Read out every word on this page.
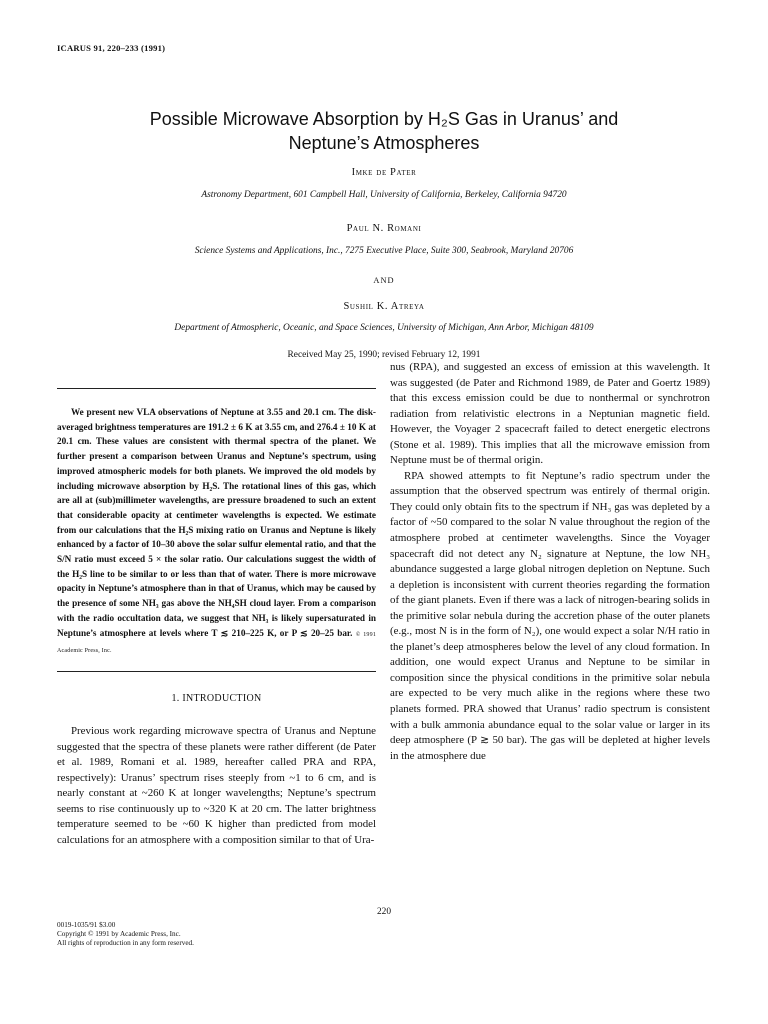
ICARUS 91, 220–233 (1991)
Possible Microwave Absorption by H₂S Gas in Uranus’ and
Neptune’s Atmospheres
Imke de Pater
Astronomy Department, 601 Campbell Hall, University of California, Berkeley, California 94720
Paul N. Romani
Science Systems and Applications, Inc., 7275 Executive Place, Suite 300, Seabrook, Maryland 20706
AND
Sushil K. Atreya
Department of Atmospheric, Oceanic, and Space Sciences, University of Michigan, Ann Arbor, Michigan 48109
Received May 25, 1990; revised February 12, 1991
We present new VLA observations of Neptune at 3.55 and 20.1 cm. The disk-averaged brightness temperatures are 191.2 ± 6 K at 3.55 cm, and 276.4 ± 10 K at 20.1 cm. These values are consistent with thermal spectra of the planet. We further present a comparison between Uranus and Neptune’s spectrum, using improved atmospheric models for both planets. We improved the old models by including microwave absorption by H₂S. The rotational lines of this gas, which are all at (sub)millimeter wavelengths, are pressure broadened to such an extent that considerable opacity at centimeter wavelengths is expected. We estimate from our calculations that the H₂S mixing ratio on Uranus and Neptune is likely enhanced by a factor of 10–30 above the solar sulfur elemental ratio, and that the S/N ratio must exceed 5 × the solar ratio. Our calculations suggest the width of the H₂S line to be similar to or less than that of water. There is more microwave opacity in Neptune’s atmosphere than in that of Uranus, which may be caused by the presence of some NH₃ gas above the NH₄SH cloud layer. From a comparison with the radio occultation data, we suggest that NH₃ is likely supersaturated in Neptune’s atmosphere at levels where T ≲ 210–225 K, or P ≲ 20–25 bar. © 1991 Academic Press, Inc.
1. INTRODUCTION

Previous work regarding microwave spectra of Uranus and Neptune suggested that the spectra of these planets were rather different (de Pater et al. 1989, Romani et al. 1989, hereafter called PRA and RPA, respectively): Uranus’ spectrum rises steeply from ~1 to 6 cm, and is nearly constant at ~260 K at longer wavelengths; Neptune’s spectrum seems to rise continuously up to ~320 K at 20 cm. The latter brightness temperature seemed to be ~60 K higher than predicted from model calculations for an atmosphere with a composition similar to that of Ura-

nus (RPA), and suggested an excess of emission at this wavelength. It was suggested (de Pater and Richmond 1989, de Pater and Goertz 1989) that this excess emission could be due to nonthermal or synchrotron radiation from relativistic electrons in a Neptunian magnetic field. However, the Voyager 2 spacecraft failed to detect energetic electrons (Stone et al. 1989). This implies that all the microwave emission from Neptune must be of thermal origin.

RPA showed attempts to fit Neptune’s radio spectrum under the assumption that the observed spectrum was entirely of thermal origin. They could only obtain fits to the spectrum if NH₃ gas was depleted by a factor of ~50 compared to the solar N value throughout the region of the atmosphere probed at centimeter wavelengths. Since the Voyager spacecraft did not detect any N₂ signature at Neptune, the low NH₃ abundance suggested a large global nitrogen depletion on Neptune. Such a depletion is inconsistent with current theories regarding the formation of the giant planets. Even if there was a lack of nitrogen-bearing solids in the primitive solar nebula during the accretion phase of the outer planets (e.g., most N is in the form of N₂), one would expect a solar N/H ratio in the planet’s deep atmospheres below the level of any cloud formation. In addition, one would expect Uranus and Neptune to be similar in composition since the physical conditions in the primitive solar nebula are expected to be very much alike in the regions where these two planets formed. PRA showed that Uranus’ radio spectrum is consistent with a bulk ammonia abundance equal to the solar value or larger in its deep atmosphere (P ≳ 50 bar). The gas will be depleted at higher levels in the atmosphere due

220
0019-1035/91 $3.00
Copyright © 1991 by Academic Press, Inc.
All rights of reproduction in any form reserved.
